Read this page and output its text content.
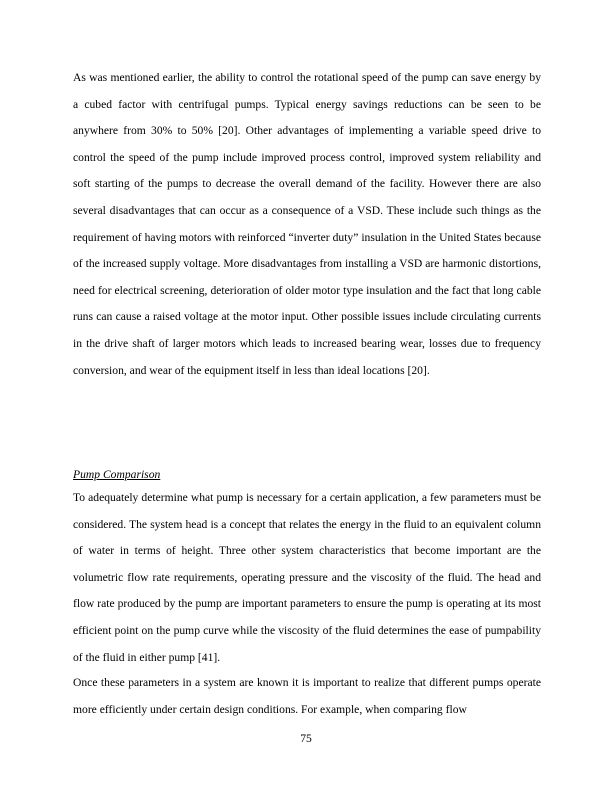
As was mentioned earlier, the ability to control the rotational speed of the pump can save energy by a cubed factor with centrifugal pumps. Typical energy savings reductions can be seen to be anywhere from 30% to 50% [20]. Other advantages of implementing a variable speed drive to control the speed of the pump include improved process control, improved system reliability and soft starting of the pumps to decrease the overall demand of the facility. However there are also several disadvantages that can occur as a consequence of a VSD. These include such things as the requirement of having motors with reinforced “inverter duty” insulation in the United States because of the increased supply voltage. More disadvantages from installing a VSD are harmonic distortions, need for electrical screening, deterioration of older motor type insulation and the fact that long cable runs can cause a raised voltage at the motor input. Other possible issues include circulating currents in the drive shaft of larger motors which leads to increased bearing wear, losses due to frequency conversion, and wear of the equipment itself in less than ideal locations [20].

Pump Comparison

To adequately determine what pump is necessary for a certain application, a few parameters must be considered. The system head is a concept that relates the energy in the fluid to an equivalent column of water in terms of height. Three other system characteristics that become important are the volumetric flow rate requirements, operating pressure and the viscosity of the fluid. The head and flow rate produced by the pump are important parameters to ensure the pump is operating at its most efficient point on the pump curve while the viscosity of the fluid determines the ease of pumpability of the fluid in either pump [41].

Once these parameters in a system are known it is important to realize that different pumps operate more efficiently under certain design conditions. For example, when comparing flow

75
